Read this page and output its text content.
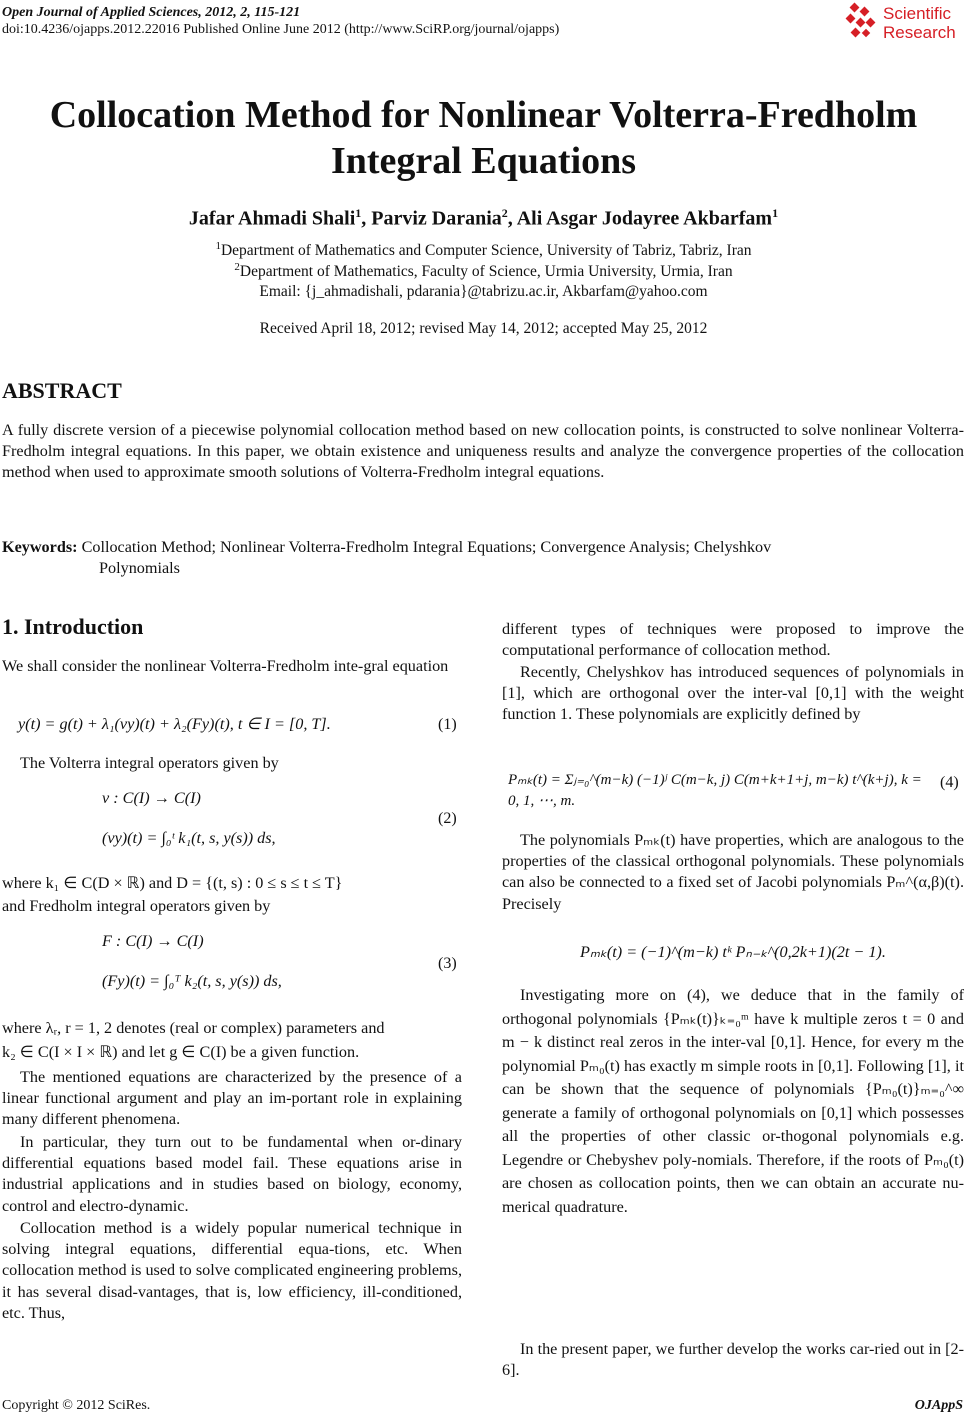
Open Journal of Applied Sciences, 2012, 2, 115-121
doi:10.4236/ojapps.2012.22016 Published Online June 2012 (http://www.SciRP.org/journal/ojapps)
Scientific
Research
Collocation Method for Nonlinear Volterra-Fredholm
Integral Equations
Jafar Ahmadi Shali$^1$, Parviz Darania$^2$, Ali Asgar Jodayree Akbarfam$^1$
$^1$Department of Mathematics and Computer Science, University of Tabriz, Tabriz, Iran
$^2$Department of Mathematics, Faculty of Science, Urmia University, Urmia, Iran
Email: {j_ahmadishali, pdarania}@tabrizu.ac.ir, Akbarfam@yahoo.com
Received April 18, 2012; revised May 14, 2012; accepted May 25, 2012
ABSTRACT
A fully discrete version of a piecewise polynomial collocation method based on new collocation points, is constructed to solve nonlinear Volterra-Fredholm integral equations. In this paper, we obtain existence and uniqueness results and analyze the convergence properties of the collocation method when used to approximate smooth solutions of Volterra-Fredholm integral equations.
Keywords: Collocation Method; Nonlinear Volterra-Fredholm Integral Equations; Convergence Analysis; Chelyshkov
Polynomials
1. Introduction
We shall consider the nonlinear Volterra-Fredholm inte-gral equation
y(t) = g(t) + λ₁(νy)(t) + λ₂(Fy)(t), t ∈ I = [0, T].	(1)
The Volterra integral operators given by
ν : C(I) → C(I)
(νy)(t) = ∫₀ᵗ k₁(t, s, y(s)) ds,
(2)
where k₁ ∈ C(D × ℝ) and D = {(t, s) : 0 ≤ s ≤ t ≤ T}
and Fredholm integral operators given by
F : C(I) → C(I)
(Fy)(t) = ∫₀ᵀ k₂(t, s, y(s)) ds,
(3)
where λᵣ, r = 1, 2 denotes (real or complex) parameters and
k₂ ∈ C(I × I × ℝ) and let g ∈ C(I) be a given function.
The mentioned equations are characterized by the presence of a linear functional argument and play an im-portant role in explaining many different phenomena.
In particular, they turn out to be fundamental when or-dinary differential equations based model fail. These equations arise in industrial applications and in studies based on biology, economy, control and electro-dynamic.
Collocation method is a widely popular numerical technique in solving integral equations, differential equa-tions, etc. When collocation method is used to solve complicated engineering problems, it has several disad-vantages, that is, low efficiency, ill-conditioned, etc. Thus,
different types of techniques were proposed to improve the computational performance of collocation method.
Recently, Chelyshkov has introduced sequences of polynomials in [1], which are orthogonal over the inter-val [0,1] with the weight function 1. These polynomials are explicitly defined by
Pₘₖ(t) = Σⱼ₌₀^(m−k) (−1)ʲ C(m−k, j) C(m+k+1+j, m−k) t^(k+j), k = 0, 1, ⋯, m.
(4)
The polynomials Pₘₖ(t) have properties, which are analogous to the properties of the classical orthogonal polynomials. These polynomials can also be connected to a fixed set of Jacobi polynomials Pₘ^(α,β)(t). Precisely
Pₘₖ(t) = (−1)^(m−k) tᵏ Pₙ₋ₖ^(0,2k+1)(2t − 1).
Investigating more on (4), we deduce that in the family of orthogonal polynomials {Pₘₖ(t)}ₖ₌₀ᵐ have k multiple zeros t = 0 and m − k distinct real zeros in the inter-val [0,1]. Hence, for every m the polynomial Pₘ₀(t) has exactly m simple roots in [0,1]. Following [1], it can be shown that the sequence of polynomials {Pₘ₀(t)}ₘ₌₀^∞ generate a family of orthogonal polynomials on [0,1] which possesses all the properties of other classic or-thogonal polynomials e.g. Legendre or Chebyshev poly-nomials. Therefore, if the roots of Pₘ₀(t) are chosen as collocation points, then we can obtain an accurate nu-merical quadrature.
In the present paper, we further develop the works car-ried out in [2-6].
Copyright © 2012 SciRes.	OJAppS
